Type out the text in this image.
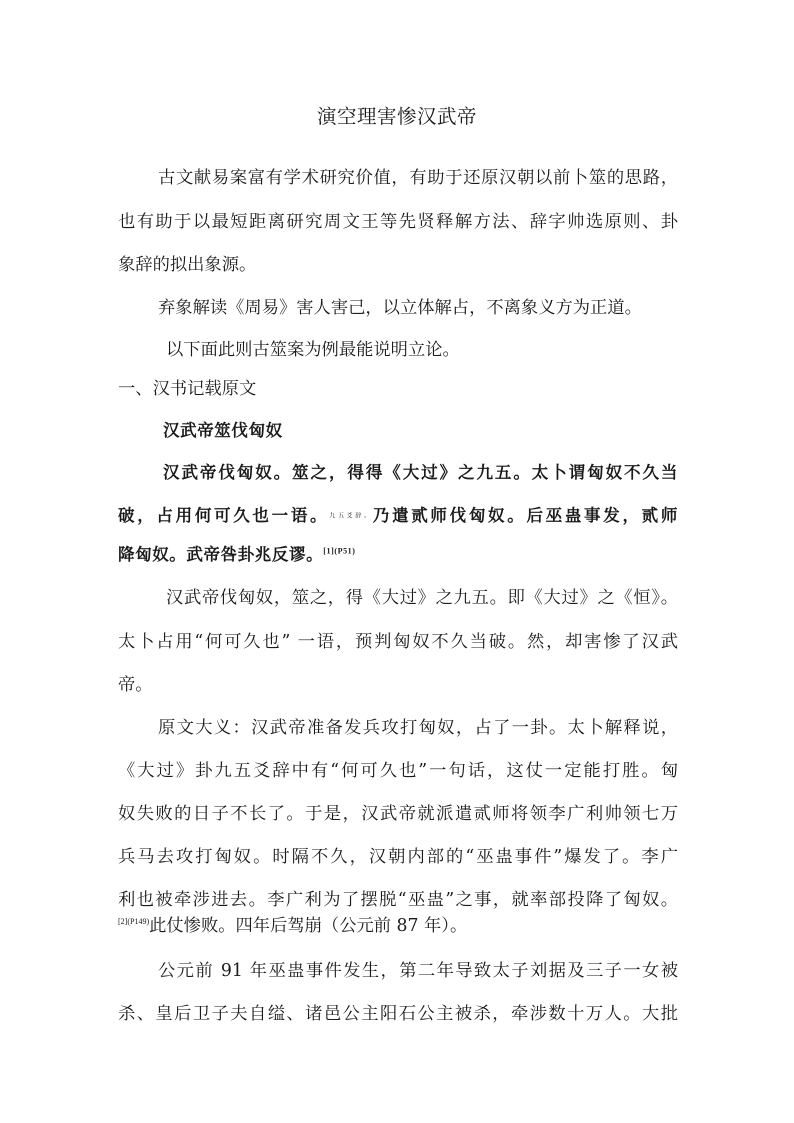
演空理害惨汉武帝
古文献易案富有学术研究价值，有助于还原汉朝以前卜筮的思路，
也有助于以最短距离研究周文王等先贤释解方法、辞字帅选原则、卦
象辞的拟出象源。
弃象解读《周易》害人害己，以立体解占，不离象义方为正道。
以下面此则古筮案为例最能说明立论。
一、汉书记载原文
汉武帝筮伐匈奴
汉武帝伐匈奴。筮之，得得《大过》之九五。太卜谓匈奴不久当
破，占用何可久也一语。九五爻辞。乃遣贰师伐匈奴。后巫蛊事发，贰师
降匈奴。武帝咎卦兆反谬。$^{[1](P51)}$
汉武帝伐匈奴，筮之，得《大过》之九五。即《大过》之《恒》。
太卜占用“何可久也” 一语，预判匈奴不久当破。然，却害惨了汉武
帝。
原文大义：汉武帝准备发兵攻打匈奴，占了一卦。太卜解释说，
《大过》卦九五爻辞中有“何可久也”一句话，这仗一定能打胜。匈
奴失败的日子不长了。于是，汉武帝就派遣贰师将领李广利帅领七万
兵马去攻打匈奴。时隔不久，汉朝内部的“巫蛊事件”爆发了。李广
利也被牵涉进去。李广利为了摆脱“巫蛊”之事，就率部投降了匈奴。
$^{[2](P149)}$此仗惨败。四年后驾崩（公元前 87 年）。
公元前 91 年巫蛊事件发生，第二年导致太子刘据及三子一女被
杀、皇后卫子夫自缢、诸邑公主阳石公主被杀，牵涉数十万人。大批
